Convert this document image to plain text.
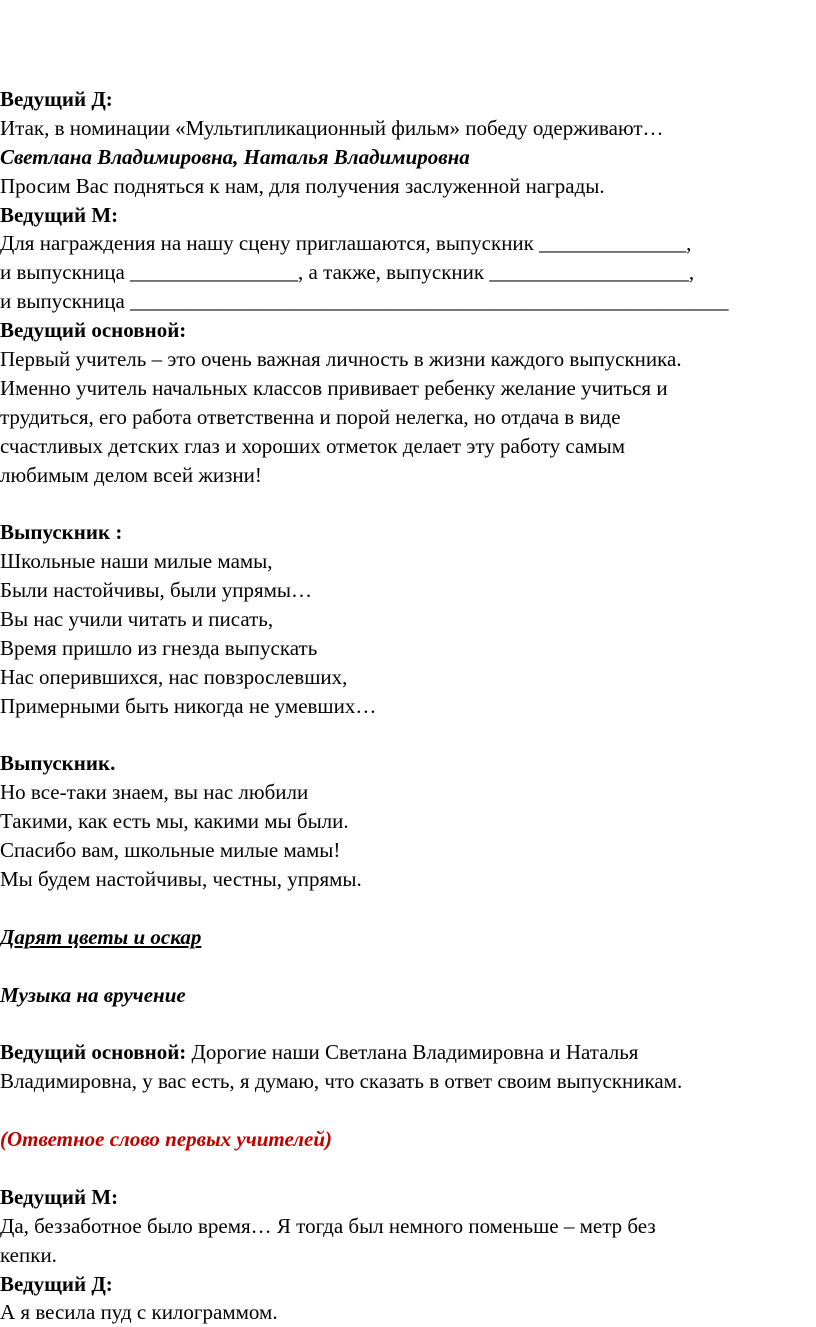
Ведущий Д:
Итак, в номинации «Мультипликационный фильм» победу одерживают…
Светлана Владимировна, Наталья Владимировна
Просим Вас подняться к нам, для получения заслуженной награды.
Ведущий М:
Для награждения на нашу сцену приглашаются, выпускник ______________,
и выпускница ________________, а также, выпускник ___________________,
и выпускница _________________________________________________________
Ведущий основной:
Первый учитель – это очень важная личность в жизни каждого выпускника.
Именно учитель начальных классов прививает ребенку желание учиться и
трудиться, его работа ответственна и порой нелегка, но отдача в виде
счастливых детских глаз и хороших отметок делает эту работу самым
любимым делом всей жизни!
Выпускник :
Школьные наши милые мамы,
Были настойчивы, были упрямы…
Вы нас учили читать и писать,
Время пришло из гнезда выпускать
Нас оперившихся, нас повзрослевших,
Примерными быть никогда не умевших…
Выпускник.
Но все-таки знаем, вы нас любили
Такими, как есть мы, какими мы были.
Спасибо вам, школьные милые мамы!
Мы будем настойчивы, честны, упрямы.
Дарят цветы и оскар
Музыка на вручение
Ведущий основной: Дорогие наши Светлана Владимировна и Наталья
Владимировна, у вас есть, я думаю, что сказать в ответ своим выпускникам.
(Ответное слово первых учителей)
Ведущий М:
Да, беззаботное было время… Я тогда был немного поменьше – метр без
кепки.
Ведущий Д:
А я весила пуд с килограммом.
